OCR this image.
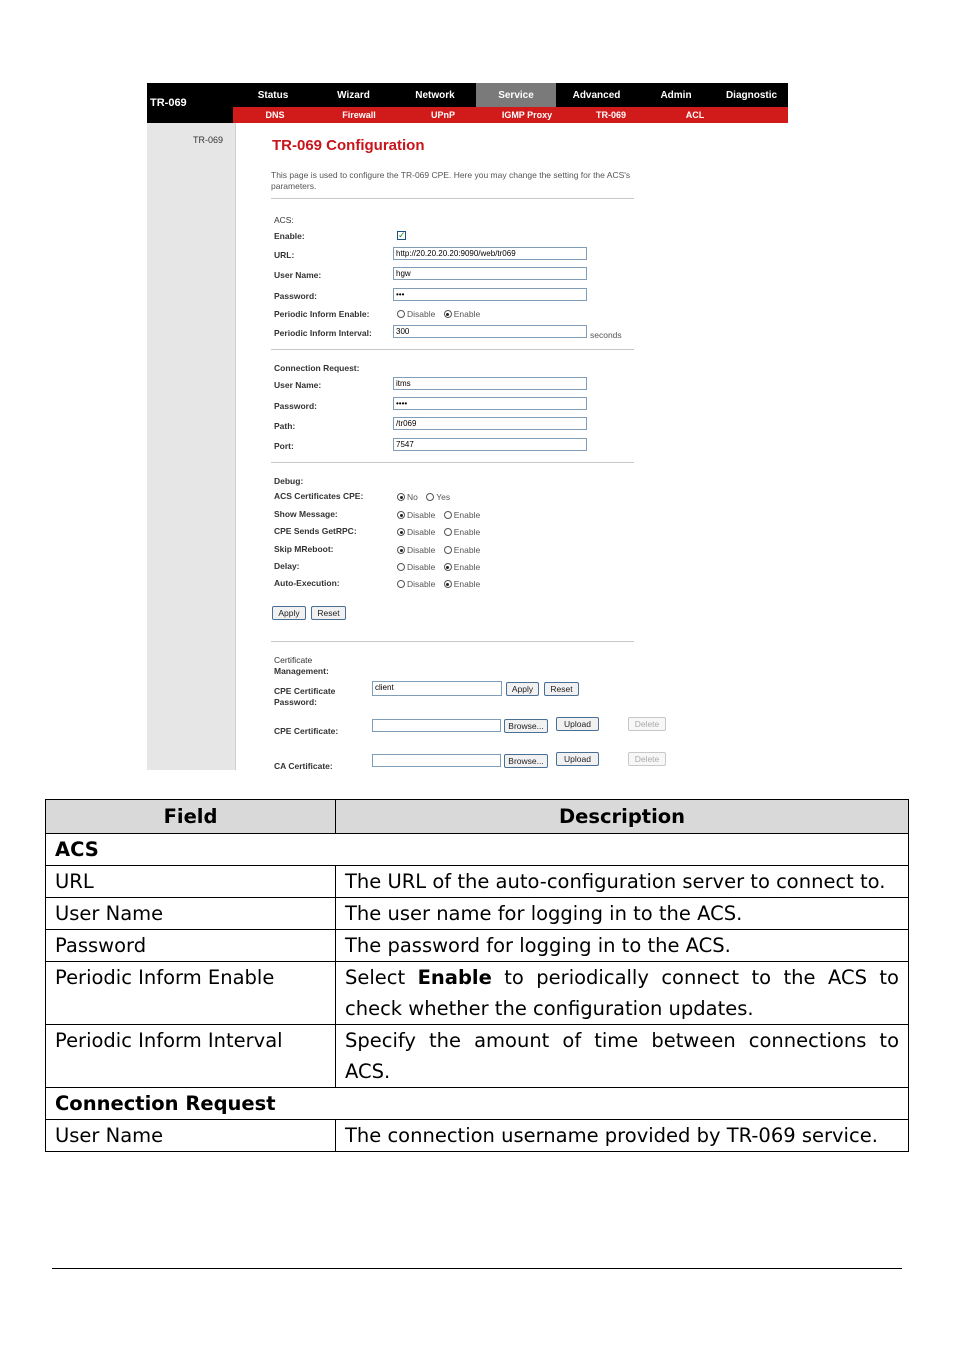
TR-069
Status	Wizard	Network	Service	Advanced	Admin	Diagnostic
DNS	Firewall	UPnP	IGMP Proxy	TR-069	ACL
TR-069	TR-069 Configuration
This page is used to configure the TR-069 CPE. Here you may change the setting for the ACS's parameters.
ACS:
Enable:	✓
URL:	http://20.20.20.20:9090/web/tr069
User Name:	hgw
Password:	•••
Periodic Inform Enable:	Disable Enable
Periodic Inform Interval:	300	seconds
Connection Request:
User Name:	itms
Password:	••••
Path:	/tr069
Port:	7547
Debug:
ACS Certificates CPE:	No Yes
Show Message:	Disable Enable
CPE Sends GetRPC:	Disable Enable
Skip MReboot:	Disable Enable
Delay:	Disable Enable
Auto-Execution:	Disable Enable
Apply	Reset
Certificate
Management:
CPE Certificate
Password:
client	Apply	Reset
CPE Certificate:	Browse...	Upload	Delete
CA Certificate:	Browse...	Upload	Delete
Field	Description
ACS	
URL	The URL of the auto-configuration server to connect to.
User Name	The user name for logging in to the ACS.
Password	The password for logging in to the ACS.
Periodic Inform Enable	Select Enable to periodically connect to the ACS to check whether the configuration updates.
Periodic Inform Interval	Specify the amount of time between connections to ACS.
Connection Request	
User Name	The connection username provided by TR-069 service.
